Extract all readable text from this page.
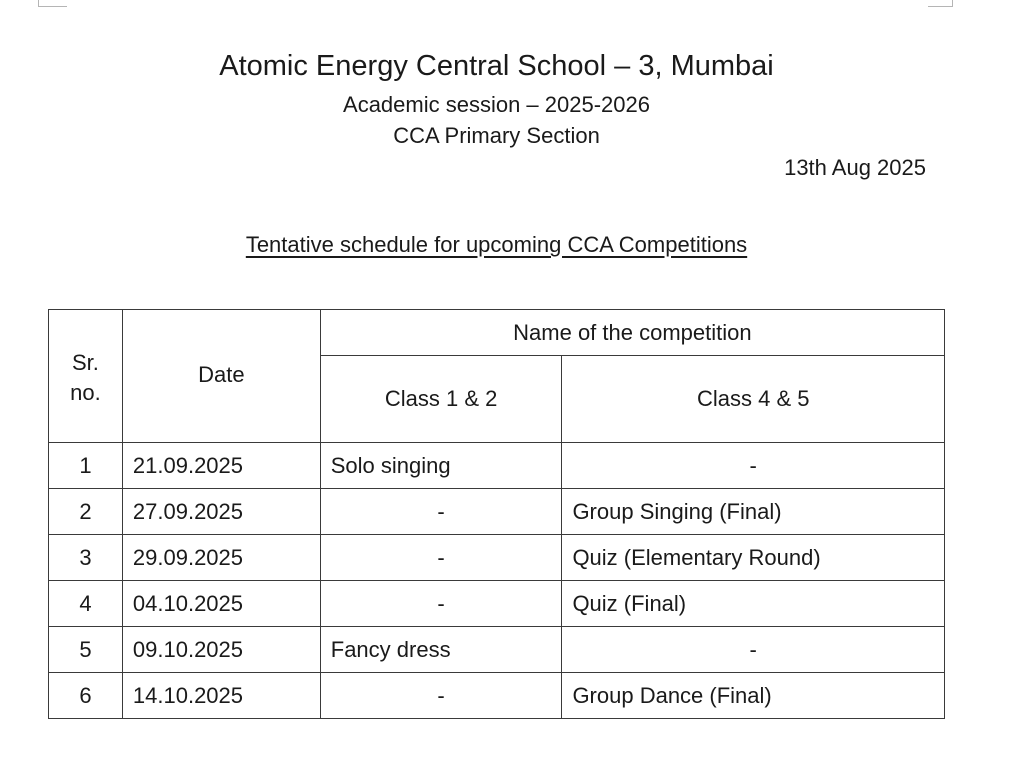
Atomic Energy Central School – 3, Mumbai
Academic session – 2025-2026
CCA Primary Section
13th Aug 2025
Tentative schedule for upcoming CCA Competitions
Sr.
no.	Date	Name of the competition	
		Class 1 & 2	Class 4 & 5
1	21.09.2025	Solo singing	-
2	27.09.2025	-	Group Singing (Final)
3	29.09.2025	-	Quiz (Elementary Round)
4	04.10.2025	-	Quiz (Final)
5	09.10.2025	Fancy dress	-
6	14.10.2025	-	Group Dance (Final)
